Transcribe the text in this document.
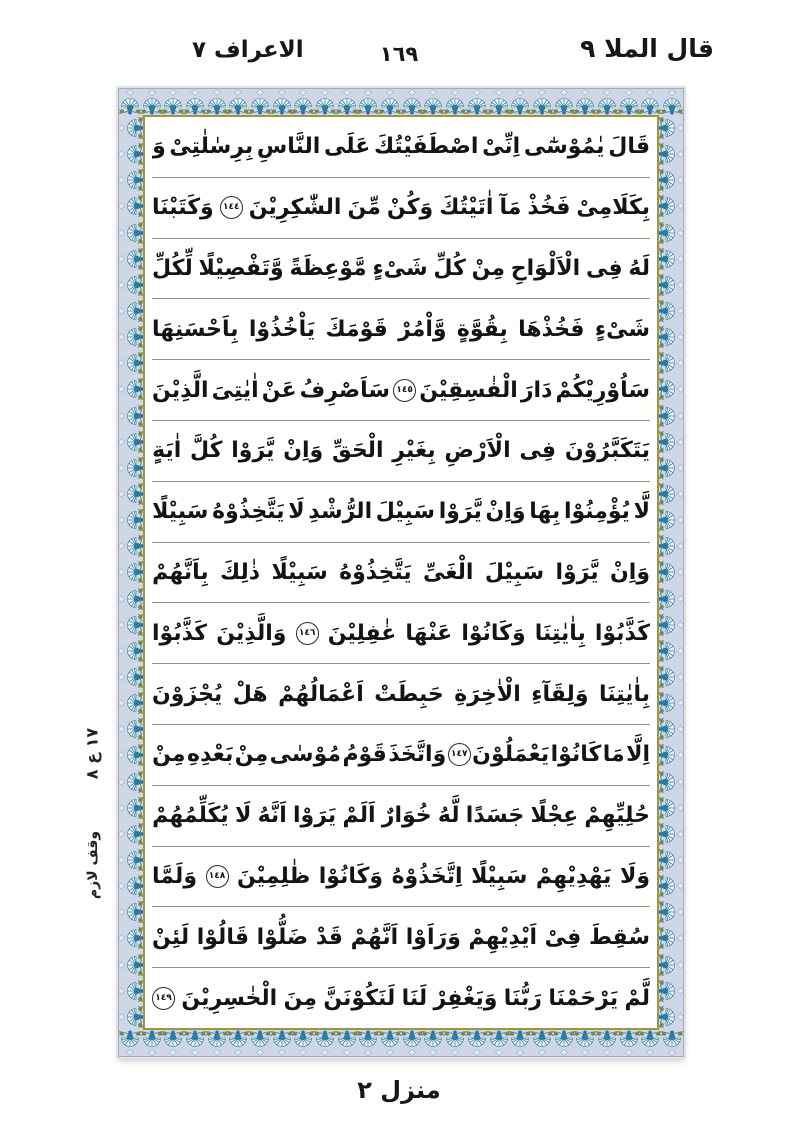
قال الملا ٩
١٦٩
الاعراف ٧
قَالَ
يٰمُوْسٰٓى
اِنِّىْ
اصْطَفَيْتُكَ
عَلَى
النَّاسِ
بِرِسٰلٰتِىْ
وَ
بِكَلَامِىْ
فَخُذْ
مَآ
اٰتَيْتُكَ
وَكُنْ
مِّنَ
الشّٰكِرِيْنَ
١٤٤
وَكَتَبْنَا
لَهُ
فِى
الْاَلْوَاحِ
مِنْ
كُلِّ
شَىْءٍ
مَّوْعِظَةً
وَّتَفْصِيْلًا
لِّكُلِّ
شَىْءٍ
فَخُذْهَا
بِقُوَّةٍ
وَّاْمُرْ
قَوْمَكَ
يَاْخُذُوْا
بِاَحْسَنِهَا
سَاُوْرِيْكُمْ
دَارَ
الْفٰسِقِيْنَ
١٤٥
سَاَصْرِفُ
عَنْ
اٰيٰتِىَ
الَّذِيْنَ
يَتَكَبَّرُوْنَ
فِى
الْاَرْضِ
بِغَيْرِ
الْحَقِّ
وَاِنْ
يَّرَوْا
كُلَّ
اٰيَةٍ
لَّا
يُؤْمِنُوْا
بِهَا
وَاِنْ
يَّرَوْا
سَبِيْلَ
الرُّشْدِ
لَا
يَتَّخِذُوْهُ
سَبِيْلًا
وَاِنْ
يَّرَوْا
سَبِيْلَ
الْغَىِّ
يَتَّخِذُوْهُ
سَبِيْلًا
ذٰلِكَ
بِاَنَّهُمْ
كَذَّبُوْا
بِاٰيٰتِنَا
وَكَانُوْا
عَنْهَا
غٰفِلِيْنَ
١٤٦
وَالَّذِيْنَ
كَذَّبُوْا
بِاٰيٰتِنَا
وَلِقَآءِ
الْاٰخِرَةِ
حَبِطَتْ
اَعْمَالُهُمْ
هَلْ
يُجْزَوْنَ
اِلَّا
مَا
كَانُوْا
يَعْمَلُوْنَ
١٤٧
وَاتَّخَذَ
قَوْمُ
مُوْسٰى
مِنْ
بَعْدِهِ
مِنْ
حُلِيِّهِمْ
عِجْلًا
جَسَدًا
لَّهُ
خُوَارٌ
اَلَمْ
يَرَوْا
اَنَّهُ
لَا
يُكَلِّمُهُمْ
وَلَا
يَهْدِيْهِمْ
سَبِيْلًا
اِتَّخَذُوْهُ
وَكَانُوْا
ظٰلِمِيْنَ
١٤٨
وَلَمَّا
سُقِطَ
فِىْ
اَيْدِيْهِمْ
وَرَاَوْا
اَنَّهُمْ
قَدْ
ضَلُّوْا
قَالُوْا
لَئِنْ
لَّمْ
يَرْحَمْنَا
رَبُّنَا
وَيَغْفِرْ
لَنَا
لَنَكُوْنَنَّ
مِنَ
الْخٰسِرِيْنَ
١٤٩
١٧ ع ٨
وقف لازم
منزل ٢
